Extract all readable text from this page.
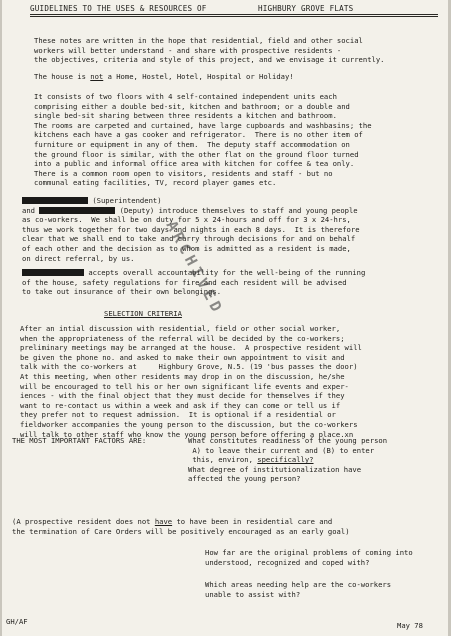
GUIDELINES TO THE USES & RESOURCES OF	HIGHBURY GROVE FLATS
These notes are written in the hope that residential, field and other social
workers will better understand - and share with prospective residents -
the objectives, criteria and style of this project, and we envisage it currently.
The house is not a Home, Hostel, Hotel, Hospital or Holiday!
It consists of two floors with 4 self-contained independent units each
comprising either a double bed-sit, kitchen and bathroom; or a double and
single bed-sit sharing between three residents a kitchen and bathroom.
The rooms are carpeted and curtained, have large cupboards and washbasins; the
kitchens each have a gas cooker and refrigerator.  There is no other item of
furniture or equipment in any of them.  The deputy staff accommodation on
the ground floor is similar, with the other flat on the ground floor turned
into a public and informal office area with kitchen for coffee & tea only.
There is a common room open to visitors, residents and staff - but no
communal eating facilities, TV, record player games etc.
(Superintendent)
and	(Deputy) introduce themselves to staff and young people
as co-workers.  We shall be on duty for 5 x 24-hours and off for 3 x 24-hrs,
thus we work together for two days and nights in each 8 days.  It is therefore
clear that we shall end to take and carry through decisions for and on behalf
of each other and the decision as to whom is admitted as a resident is made,
on direct referral, by us.
accepts overall accountability for the well-being of the running
of the house, safety regulations for fire and each resident will be advised
to take out insurance of their own belongings.
SELECTION CRITERIA
After an intial discussion with residential, field or other social worker,
when the appropriateness of the referral will be decided by the co-workers;
preliminary meetings may be arranged at the house.  A prospective resident will
be given the phone no. and asked to make their own appointment to visit and
talk with the co-workers at     Highbury Grove, N.5. (19 'bus passes the door)
At this meeting, when other residents may drop in on the discussion, he/she
will be encouraged to tell his or her own significant life events and exper-
iences - with the final object that they must decide for themselves if they
want to re-contact us within a week and ask if they can come or tell us if
they prefer not to request admission.  It is optional if a residential or
fieldworker accompanies the young person to the discussion, but the co-workers
will talk to other staff who know the young person before offering a place.xn
THE MOST IMPORTANT FACTORS ARE:	What constitutes readiness of the young person
A) to leave their current and (B) to enter
this, environ, specifically?
What degree of institutionalization have
affected the young person?
(A prospective resident does not have to have been in residential care and
the termination of Care Orders will be positively encouraged as an early goal)
How far are the original problems of coming into
understood, recognized and coped with?
Which areas needing help are the co-workers
unable to assist with?
GH/AF	May 78
ARCHIVED
